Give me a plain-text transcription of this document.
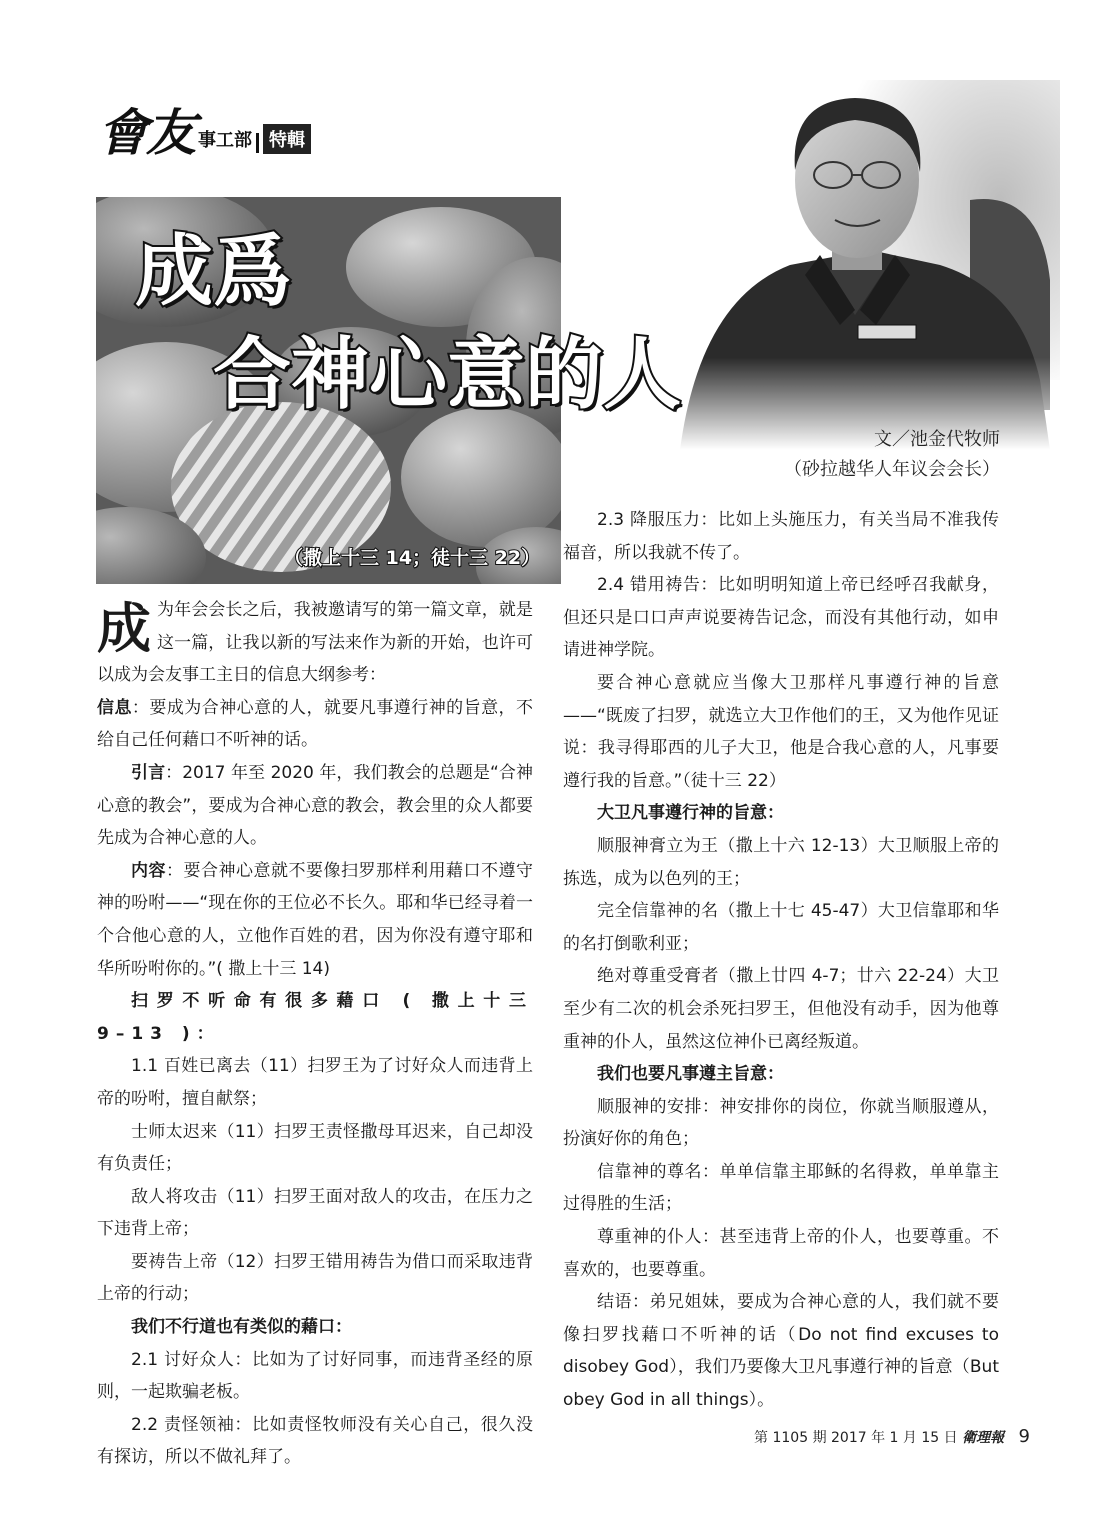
會友 事工部 特輯
成爲
合神心意的人
文／池金代牧师
（砂拉越华人年议会会长）
（撒上十三 14；徒十三 22）

成为年会会长之后，我被邀请写的第一篇文章，就是这一篇，让我以新的写法来作为新的开始，也许可以成为会友事工主日的信息大纲参考：

信息：要成为合神心意的人，就要凡事遵行神的旨意，不给自己任何藉口不听神的话。

引言：2017 年至 2020 年，我们教会的总题是“合神心意的教会”，要成为合神心意的教会，教会里的众人都要先成为合神心意的人。

内容：要合神心意就不要像扫罗那样利用藉口不遵守神的吩咐——“现在你的王位必不长久。耶和华已经寻着一个合他心意的人，立他作百姓的君，因为你没有遵守耶和华所吩咐你的。”( 撒上十三 14)

扫罗不听命有很多藉口 ( 撒上十三 9–13 )：

1.1 百姓已离去（11）扫罗王为了讨好众人而违背上帝的吩咐，擅自献祭；

士师太迟来（11）扫罗王责怪撒母耳迟来，自己却没有负责任；

敌人将攻击（11）扫罗王面对敌人的攻击，在压力之下违背上帝；

要祷告上帝（12）扫罗王错用祷告为借口而采取违背上帝的行动；

我们不行道也有类似的藉口：

2.1 讨好众人：比如为了讨好同事，而违背圣经的原则，一起欺骗老板。

2.2 责怪领袖：比如责怪牧师没有关心自己，很久没有探访，所以不做礼拜了。

2.3 降服压力：比如上头施压力，有关当局不准我传福音，所以我就不传了。

2.4 错用祷告：比如明明知道上帝已经呼召我献身，但还只是口口声声说要祷告记念，而没有其他行动，如申请进神学院。

要合神心意就应当像大卫那样凡事遵行神的旨意——“既废了扫罗，就选立大卫作他们的王，又为他作见证说：我寻得耶西的儿子大卫，他是合我心意的人，凡事要遵行我的旨意。”（徒十三 22）

大卫凡事遵行神的旨意：

顺服神膏立为王（撒上十六 12-13）大卫顺服上帝的拣选，成为以色列的王；

完全信靠神的名（撒上十七 45-47）大卫信靠耶和华的名打倒歌利亚；

绝对尊重受膏者（撒上廿四 4-7；廿六 22-24）大卫至少有二次的机会杀死扫罗王，但他没有动手，因为他尊重神的仆人，虽然这位神仆已离经叛道。

我们也要凡事遵主旨意：

顺服神的安排：神安排你的岗位，你就当顺服遵从，扮演好你的角色；

信靠神的尊名：单单信靠主耶稣的名得救，单单靠主过得胜的生活；

尊重神的仆人：甚至违背上帝的仆人，也要尊重。不喜欢的，也要尊重。

结语：弟兄姐妹，要成为合神心意的人，我们就不要像扫罗找藉口不听神的话（Do not find excuses to disobey God），我们乃要像大卫凡事遵行神的旨意（But obey God in all things）。

第 1105 期 2017 年 1 月 15 日 衛理報 9
